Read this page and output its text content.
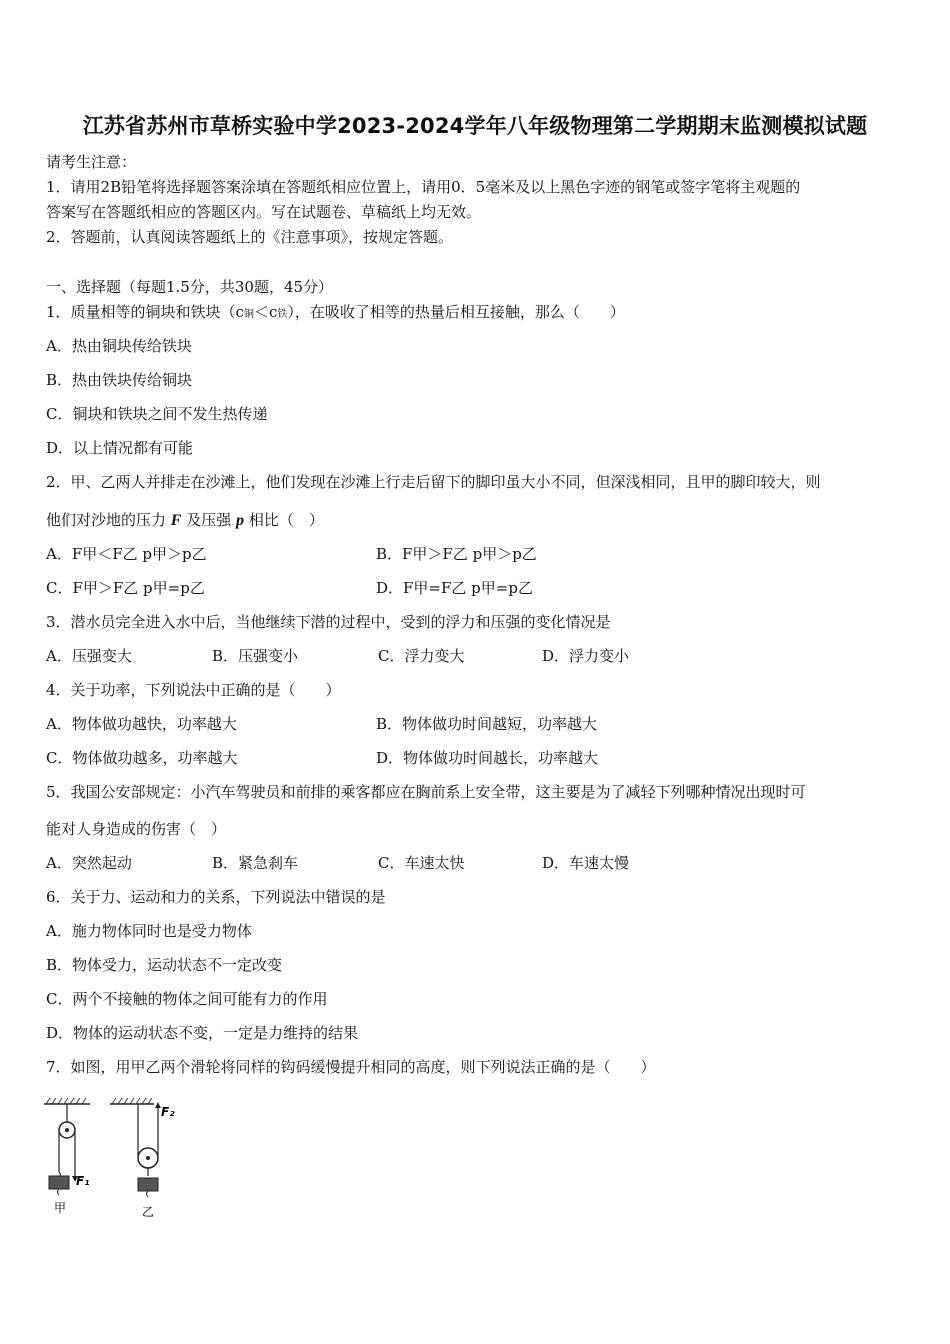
江苏省苏州市草桥实验中学2023-2024学年八年级物理第二学期期末监测模拟试题
请考生注意：
1．请用2B铅笔将选择题答案涂填在答题纸相应位置上，请用0．5毫米及以上黑色字迹的钢笔或签字笔将主观题的
答案写在答题纸相应的答题区内。写在试题卷、草稿纸上均无效。
2．答题前，认真阅读答题纸上的《注意事项》，按规定答题。
一、选择题（每题1.5分，共30题，45分）
1．质量相等的铜块和铁块（c铜＜c铁），在吸收了相等的热量后相互接触，那么（　　）
A．热由铜块传给铁块
B．热由铁块传给铜块
C．铜块和铁块之间不发生热传递
D．以上情况都有可能
2．甲、乙两人并排走在沙滩上，他们发现在沙滩上行走后留下的脚印虽大小不同，但深浅相同，且甲的脚印较大，则
他们对沙地的压力 F 及压强 p 相比（　）
A．F甲＜F乙 p甲＞p乙	B．F甲＞F乙 p甲＞p乙
C．F甲＞F乙 p甲=p乙	D．F甲=F乙 p甲=p乙
3．潜水员完全进入水中后，当他继续下潜的过程中，受到的浮力和压强的变化情况是
A．压强变大	B．压强变小	C．浮力变大	D．浮力变小
4．关于功率，下列说法中正确的是（　　）
A．物体做功越快，功率越大	B．物体做功时间越短，功率越大
C．物体做功越多，功率越大	D．物体做功时间越长，功率越大
5．我国公安部规定：小汽车驾驶员和前排的乘客都应在胸前系上安全带，这主要是为了减轻下列哪种情况出现时可
能对人身造成的伤害（　）
A．突然起动	B．紧急刹车	C．车速太快	D．车速太慢
6．关于力、运动和力的关系，下列说法中错误的是
A．施力物体同时也是受力物体
B．物体受力，运动状态不一定改变
C．两个不接触的物体之间可能有力的作用
D．物体的运动状态不变，一定是力维持的结果
7．如图，用甲乙两个滑轮将同样的钩码缓慢提升相同的高度，则下列说法正确的是（　　）
F₁
F₂
甲	乙
